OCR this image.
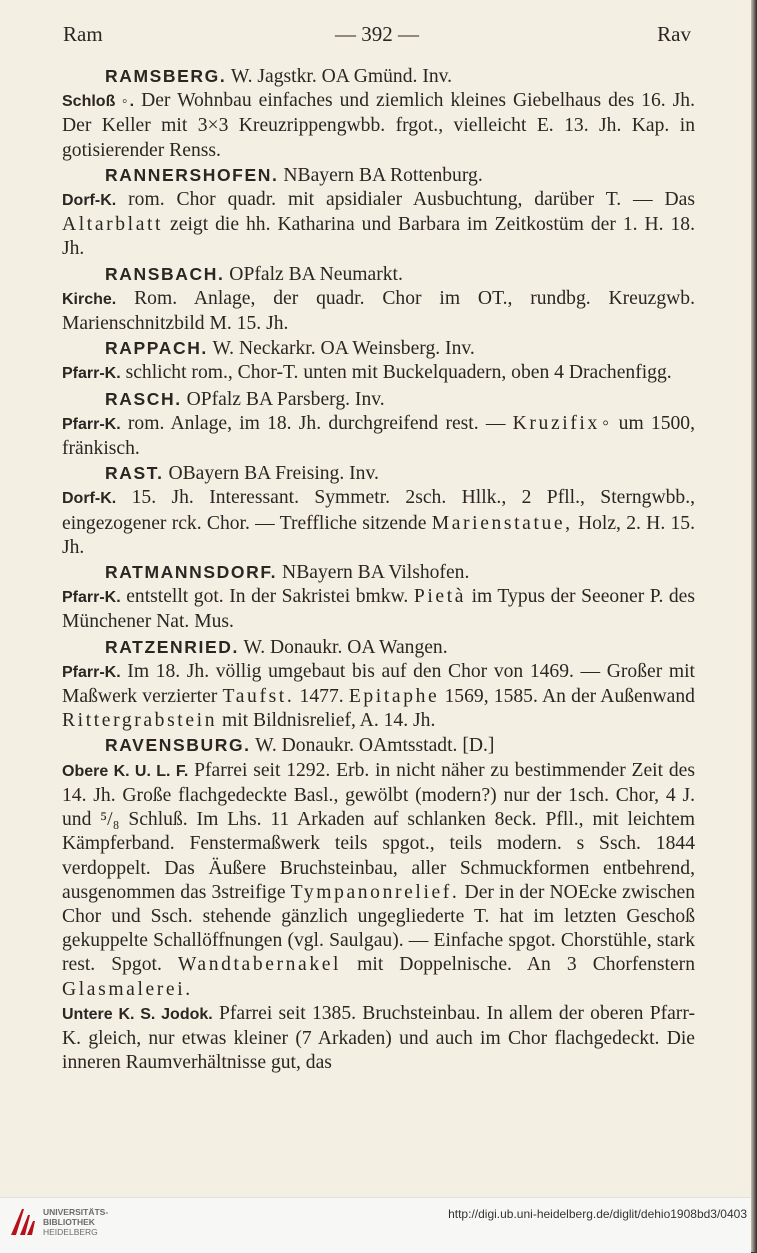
Ram	— 392 —	Rav

RAMSBERG. W. Jagstkr. OA Gmünd. Inv.

Schloß ◦. Der Wohnbau einfaches und ziemlich kleines Giebelhaus des 16. Jh. Der Keller mit 3×3 Kreuzrippengwbb. frgot., vielleicht E. 13. Jh. Kap. in gotisierender Renss.

RANNERSHOFEN. NBayern BA Rottenburg.

Dorf-K. rom. Chor quadr. mit apsidialer Ausbuchtung, darüber T. — Das Altarblatt zeigt die hh. Katharina und Barbara im Zeitkostüm der 1. H. 18. Jh.

RANSBACH. OPfalz BA Neumarkt.

Kirche. Rom. Anlage, der quadr. Chor im OT., rundbg. Kreuzgwb. Marienschnitzbild M. 15. Jh.

RAPPACH. W. Neckarkr. OA Weinsberg. Inv.

Pfarr-K. schlicht rom., Chor-T. unten mit Buckelquadern, oben 4 Drachenfigg.

RASCH. OPfalz BA Parsberg. Inv.

Pfarr-K. rom. Anlage, im 18. Jh. durchgreifend rest. — Kruzifix◦ um 1500, fränkisch.

RAST. OBayern BA Freising. Inv.

Dorf-K. 15. Jh. Interessant. Symmetr. 2sch. Hllk., 2 Pfll., Sterngwbb., eingezogener rck. Chor. — Treffliche sitzende Marienstatue, Holz, 2. H. 15. Jh.

RATMANNSDORF. NBayern BA Vilshofen.

Pfarr-K. entstellt got. In der Sakristei bmkw. Pietà im Typus der Seeoner P. des Münchener Nat. Mus.

RATZENRIED. W. Donaukr. OA Wangen.

Pfarr-K. Im 18. Jh. völlig umgebaut bis auf den Chor von 1469. — Großer mit Maßwerk verzierter Taufst. 1477. Epitaphe 1569, 1585. An der Außenwand Rittergrabstein mit Bildnisrelief, A. 14. Jh.

RAVENSBURG. W. Donaukr. OAmtsstadt. [D.]

Obere K. U. L. F. Pfarrei seit 1292. Erb. in nicht näher zu bestimmender Zeit des 14. Jh. Große flachgedeckte Basl., gewölbt (modern?) nur der 1sch. Chor, 4 J. und ⁵/₈ Schluß. Im Lhs. 11 Arkaden auf schlanken 8eck. Pfll., mit leichtem Kämpferband. Fenstermaßwerk teils spgot., teils modern. s Ssch. 1844 verdoppelt. Das Äußere Bruchsteinbau, aller Schmuckformen entbehrend, ausgenommen das 3streifige Tympanonrelief. Der in der NOEcke zwischen Chor und Ssch. stehende gänzlich ungegliederte T. hat im letzten Geschoß gekuppelte Schallöffnungen (vgl. Saulgau). — Einfache spgot. Chorstühle, stark rest. Spgot. Wandtabernakel mit Doppelnische. An 3 Chorfenstern Glasmalerei.

Untere K. S. Jodok. Pfarrei seit 1385. Bruchsteinbau. In allem der oberen Pfarr-K. gleich, nur etwas kleiner (7 Arkaden) und auch im Chor flachgedeckt. Die inneren Raumverhältnisse gut, das

UNIVERSITÄTS-
BIBLIOTHEK
HEIDELBERG
http://digi.ub.uni-heidelberg.de/diglit/dehio1908bd3/0403
